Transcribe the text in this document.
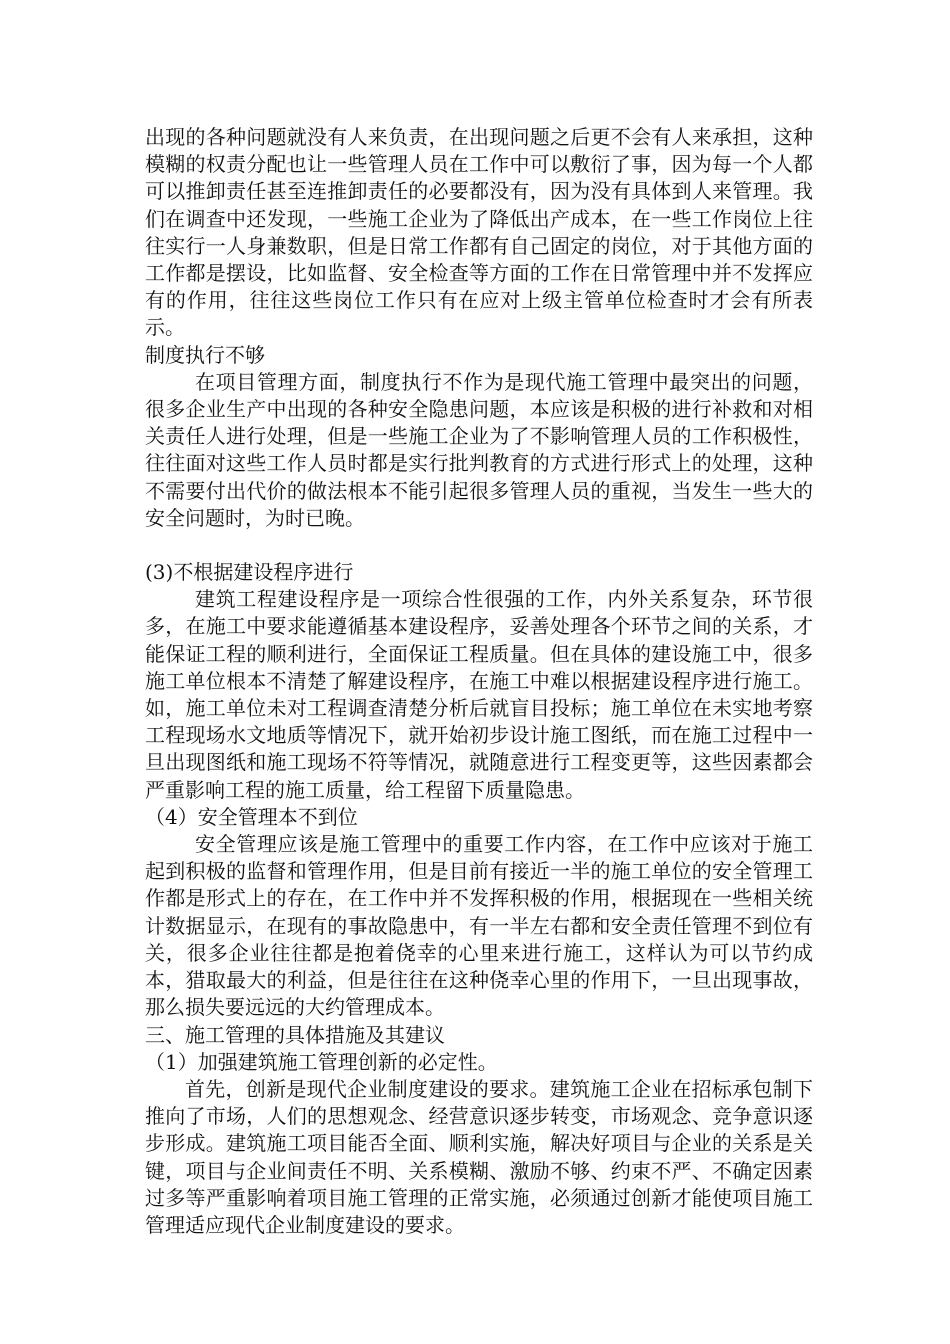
出现的各种问题就没有人来负责，在出现问题之后更不会有人来承担，这种模糊的权责分配也让一些管理人员在工作中可以敷衍了事，因为每一个人都可以推卸责任甚至连推卸责任的必要都没有，因为没有具体到人来管理。我们在调查中还发现，一些施工企业为了降低出产成本，在一些工作岗位上往往实行一人身兼数职，但是日常工作都有自己固定的岗位，对于其他方面的工作都是摆设，比如监督、安全检查等方面的工作在日常管理中并不发挥应有的作用，往往这些岗位工作只有在应对上级主管单位检查时才会有所表示。

制度执行不够

在项目管理方面，制度执行不作为是现代施工管理中最突出的问题，很多企业生产中出现的各种安全隐患问题，本应该是积极的进行补救和对相关责任人进行处理，但是一些施工企业为了不影响管理人员的工作积极性，往往面对这些工作人员时都是实行批判教育的方式进行形式上的处理，这种不需要付出代价的做法根本不能引起很多管理人员的重视，当发生一些大的安全问题时，为时已晚。

(3)不根据建设程序进行

建筑工程建设程序是一项综合性很强的工作，内外关系复杂，环节很多，在施工中要求能遵循基本建设程序，妥善处理各个环节之间的关系，才能保证工程的顺利进行，全面保证工程质量。但在具体的建设施工中，很多施工单位根本不清楚了解建设程序，在施工中难以根据建设程序进行施工。如，施工单位未对工程调查清楚分析后就盲目投标；施工单位在未实地考察工程现场水文地质等情况下，就开始初步设计施工图纸，而在施工过程中一旦出现图纸和施工现场不符等情况，就随意进行工程变更等，这些因素都会严重影响工程的施工质量，给工程留下质量隐患。

（4）安全管理本不到位

安全管理应该是施工管理中的重要工作内容，在工作中应该对于施工起到积极的监督和管理作用，但是目前有接近一半的施工单位的安全管理工作都是形式上的存在，在工作中并不发挥积极的作用，根据现在一些相关统计数据显示，在现有的事故隐患中，有一半左右都和安全责任管理不到位有关，很多企业往往都是抱着侥幸的心里来进行施工，这样认为可以节约成本，猎取最大的利益，但是往往在这种侥幸心里的作用下，一旦出现事故，那么损失要远远的大约管理成本。

三、施工管理的具体措施及其建议

（1）加强建筑施工管理创新的必定性。

首先，创新是现代企业制度建设的要求。建筑施工企业在招标承包制下推向了市场，人们的思想观念、经营意识逐步转变，市场观念、竞争意识逐步形成。建筑施工项目能否全面、顺利实施，解决好项目与企业的关系是关键，项目与企业间责任不明、关系模糊、激励不够、约束不严、不确定因素过多等严重影响着项目施工管理的正常实施，必须通过创新才能使项目施工管理适应现代企业制度建设的要求。
